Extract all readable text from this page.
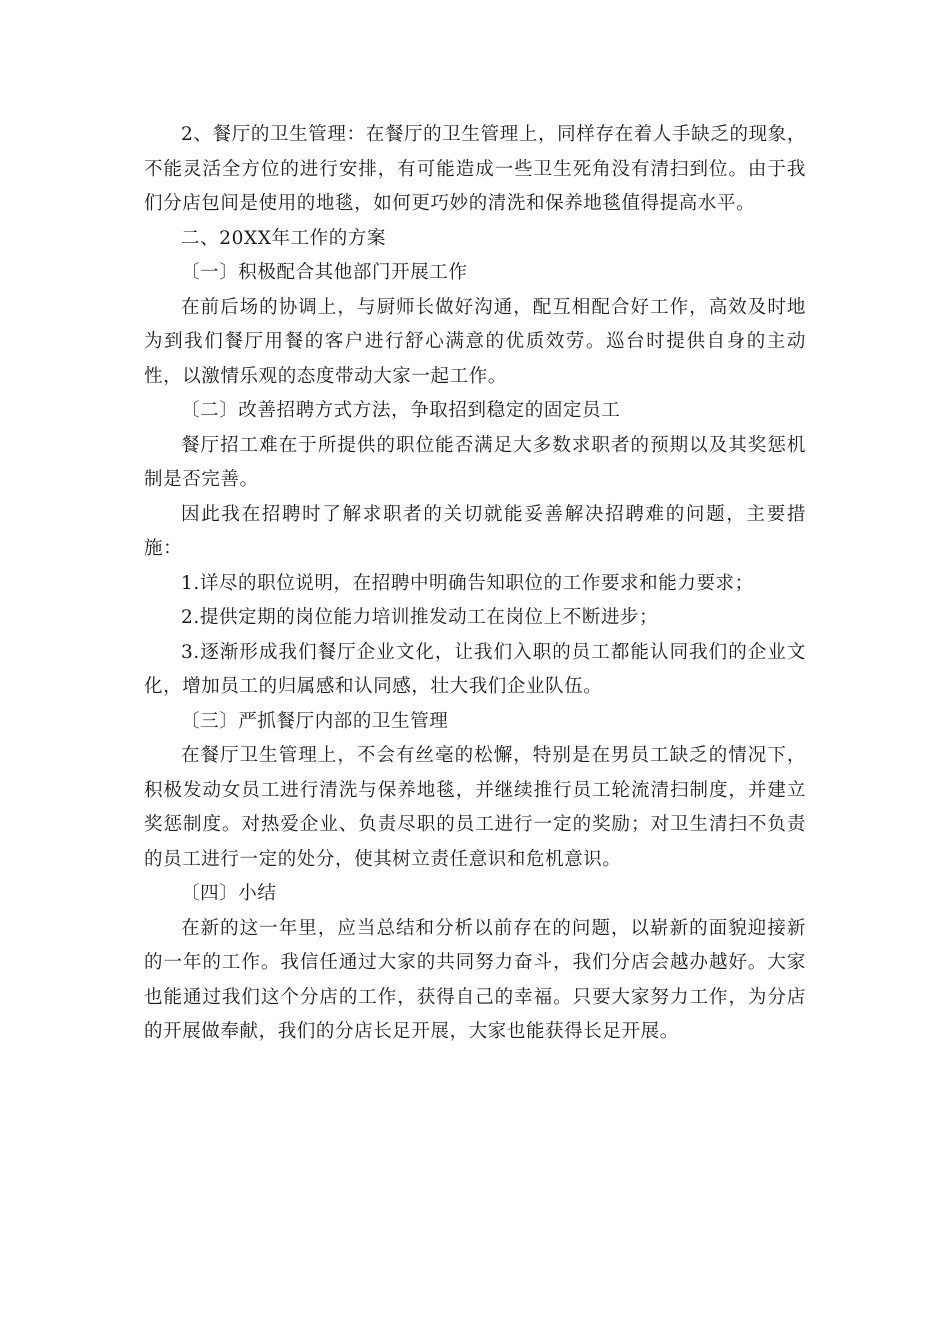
2、餐厅的卫生管理：在餐厅的卫生管理上，同样存在着人手缺乏的现象，不能灵活全方位的进行安排，有可能造成一些卫生死角没有清扫到位。由于我们分店包间是使用的地毯，如何更巧妙的清洗和保养地毯值得提高水平。

二、20XX年工作的方案

〔一〕积极配合其他部门开展工作

在前后场的协调上，与厨师长做好沟通，配互相配合好工作，高效及时地为到我们餐厅用餐的客户进行舒心满意的优质效劳。巡台时提供自身的主动性，以激情乐观的态度带动大家一起工作。

〔二〕改善招聘方式方法，争取招到稳定的固定员工

餐厅招工难在于所提供的职位能否满足大多数求职者的预期以及其奖惩机制是否完善。

因此我在招聘时了解求职者的关切就能妥善解决招聘难的问题，主要措施：

1.详尽的职位说明，在招聘中明确告知职位的工作要求和能力要求；

2.提供定期的岗位能力培训推发动工在岗位上不断进步；

3.逐渐形成我们餐厅企业文化，让我们入职的员工都能认同我们的企业文化，增加员工的归属感和认同感，壮大我们企业队伍。

〔三〕严抓餐厅内部的卫生管理

在餐厅卫生管理上，不会有丝毫的松懈，特别是在男员工缺乏的情况下，积极发动女员工进行清洗与保养地毯，并继续推行员工轮流清扫制度，并建立奖惩制度。对热爱企业、负责尽职的员工进行一定的奖励；对卫生清扫不负责的员工进行一定的处分，使其树立责任意识和危机意识。

〔四〕小结

在新的这一年里，应当总结和分析以前存在的问题，以崭新的面貌迎接新的一年的工作。我信任通过大家的共同努力奋斗，我们分店会越办越好。大家也能通过我们这个分店的工作，获得自己的幸福。只要大家努力工作，为分店的开展做奉献，我们的分店长足开展，大家也能获得长足开展。
